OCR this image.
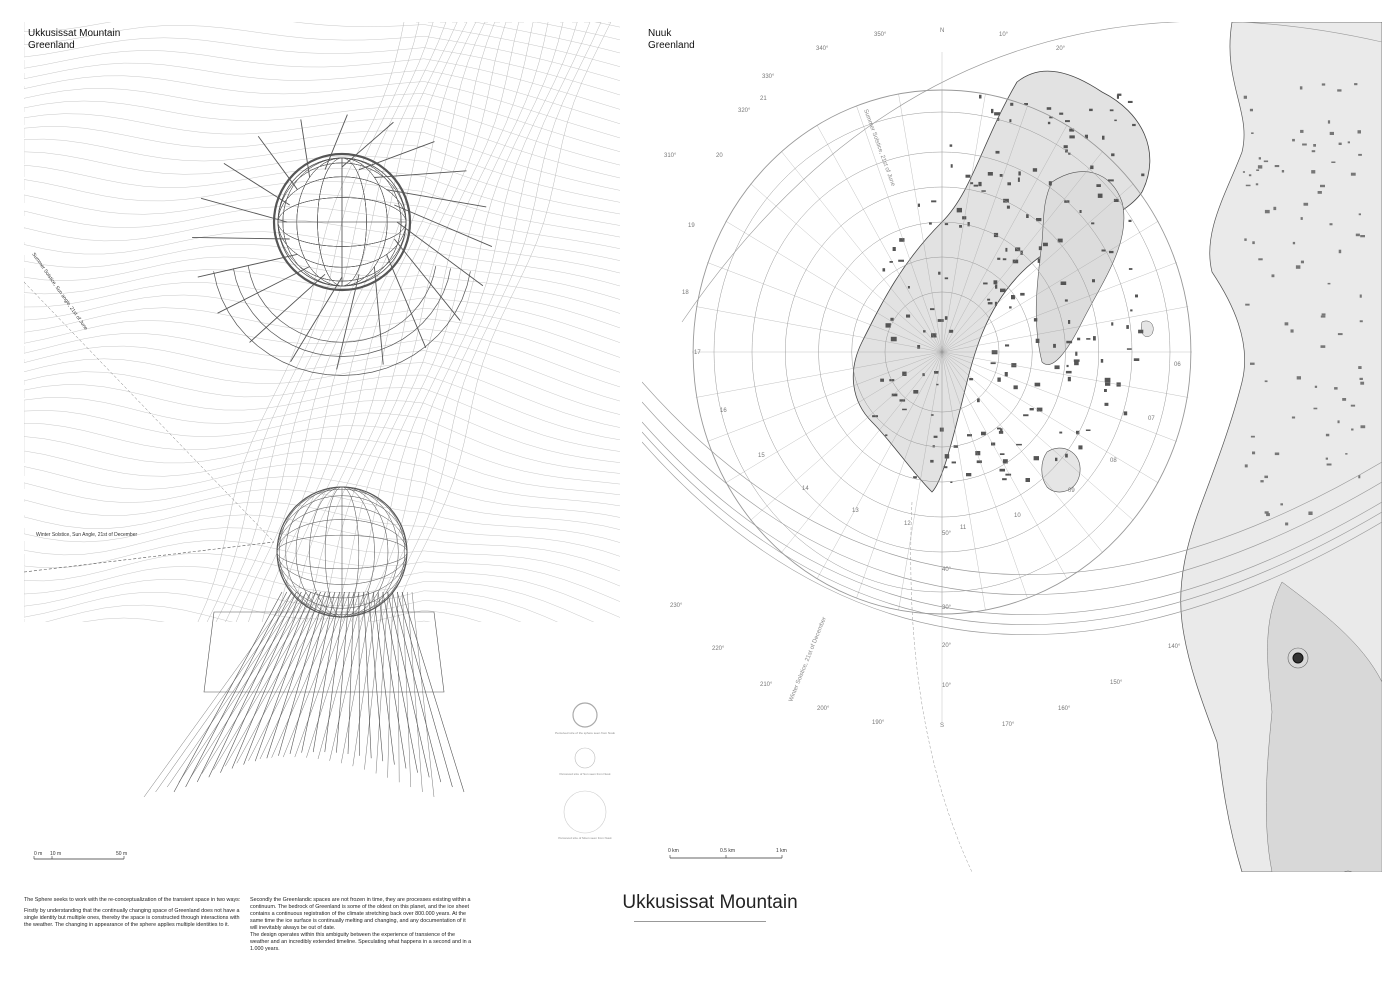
Summer Solstice, Sun angle, 21st of June
Winter Solstice, Sun Angle, 21st of December
Perceived size of the sphere seen from Nuuk
Perceived size of Sun seen from Nuuk
Perceived size of Moon seen from Nuuk
0 m 10 m	50 m
Ukkusissat Mountain
Greenland
N
S
350°	10°
20°
340°
330°
320°
310°
230°
220°
210°
200°
190°	170°
160°
150°
140°
50°
40°
30°
20°
10°
21
20
19
18
17
16
15
14
13
12
11
10
09
08
07
06
Summer Solstice, 21st of June
Winter Solstice, 21st of December
0 km	0.5 km	1 km
Nuuk
Greenland

The Sphere seeks to work with the re-conceptualization of the transient space in two ways:

Firstly by understanding that the continually changing space of Greenland does not have a single identity but multiple ones, thereby the space is constructed through interactions with the weather. The changing in appearance of the sphere applies multiple identities to it.

Secondly the Greenlandic spaces are not frozen in time, they are processes existing within a continuum. The bedrock of Greenland is some of the oldest on this planet, and the ice sheet contains a continuous registration of the climate stretching back over 800.000 years. At the same time the ice surface is continually melting and changing, and any documentation of it will inevitably always be out of date.

The design operates within this ambiguity between the experience of transience of the weather and an incredibly extended timeline. Speculating what happens in a second and in a 1.000 years.

Ukkusissat Mountain
